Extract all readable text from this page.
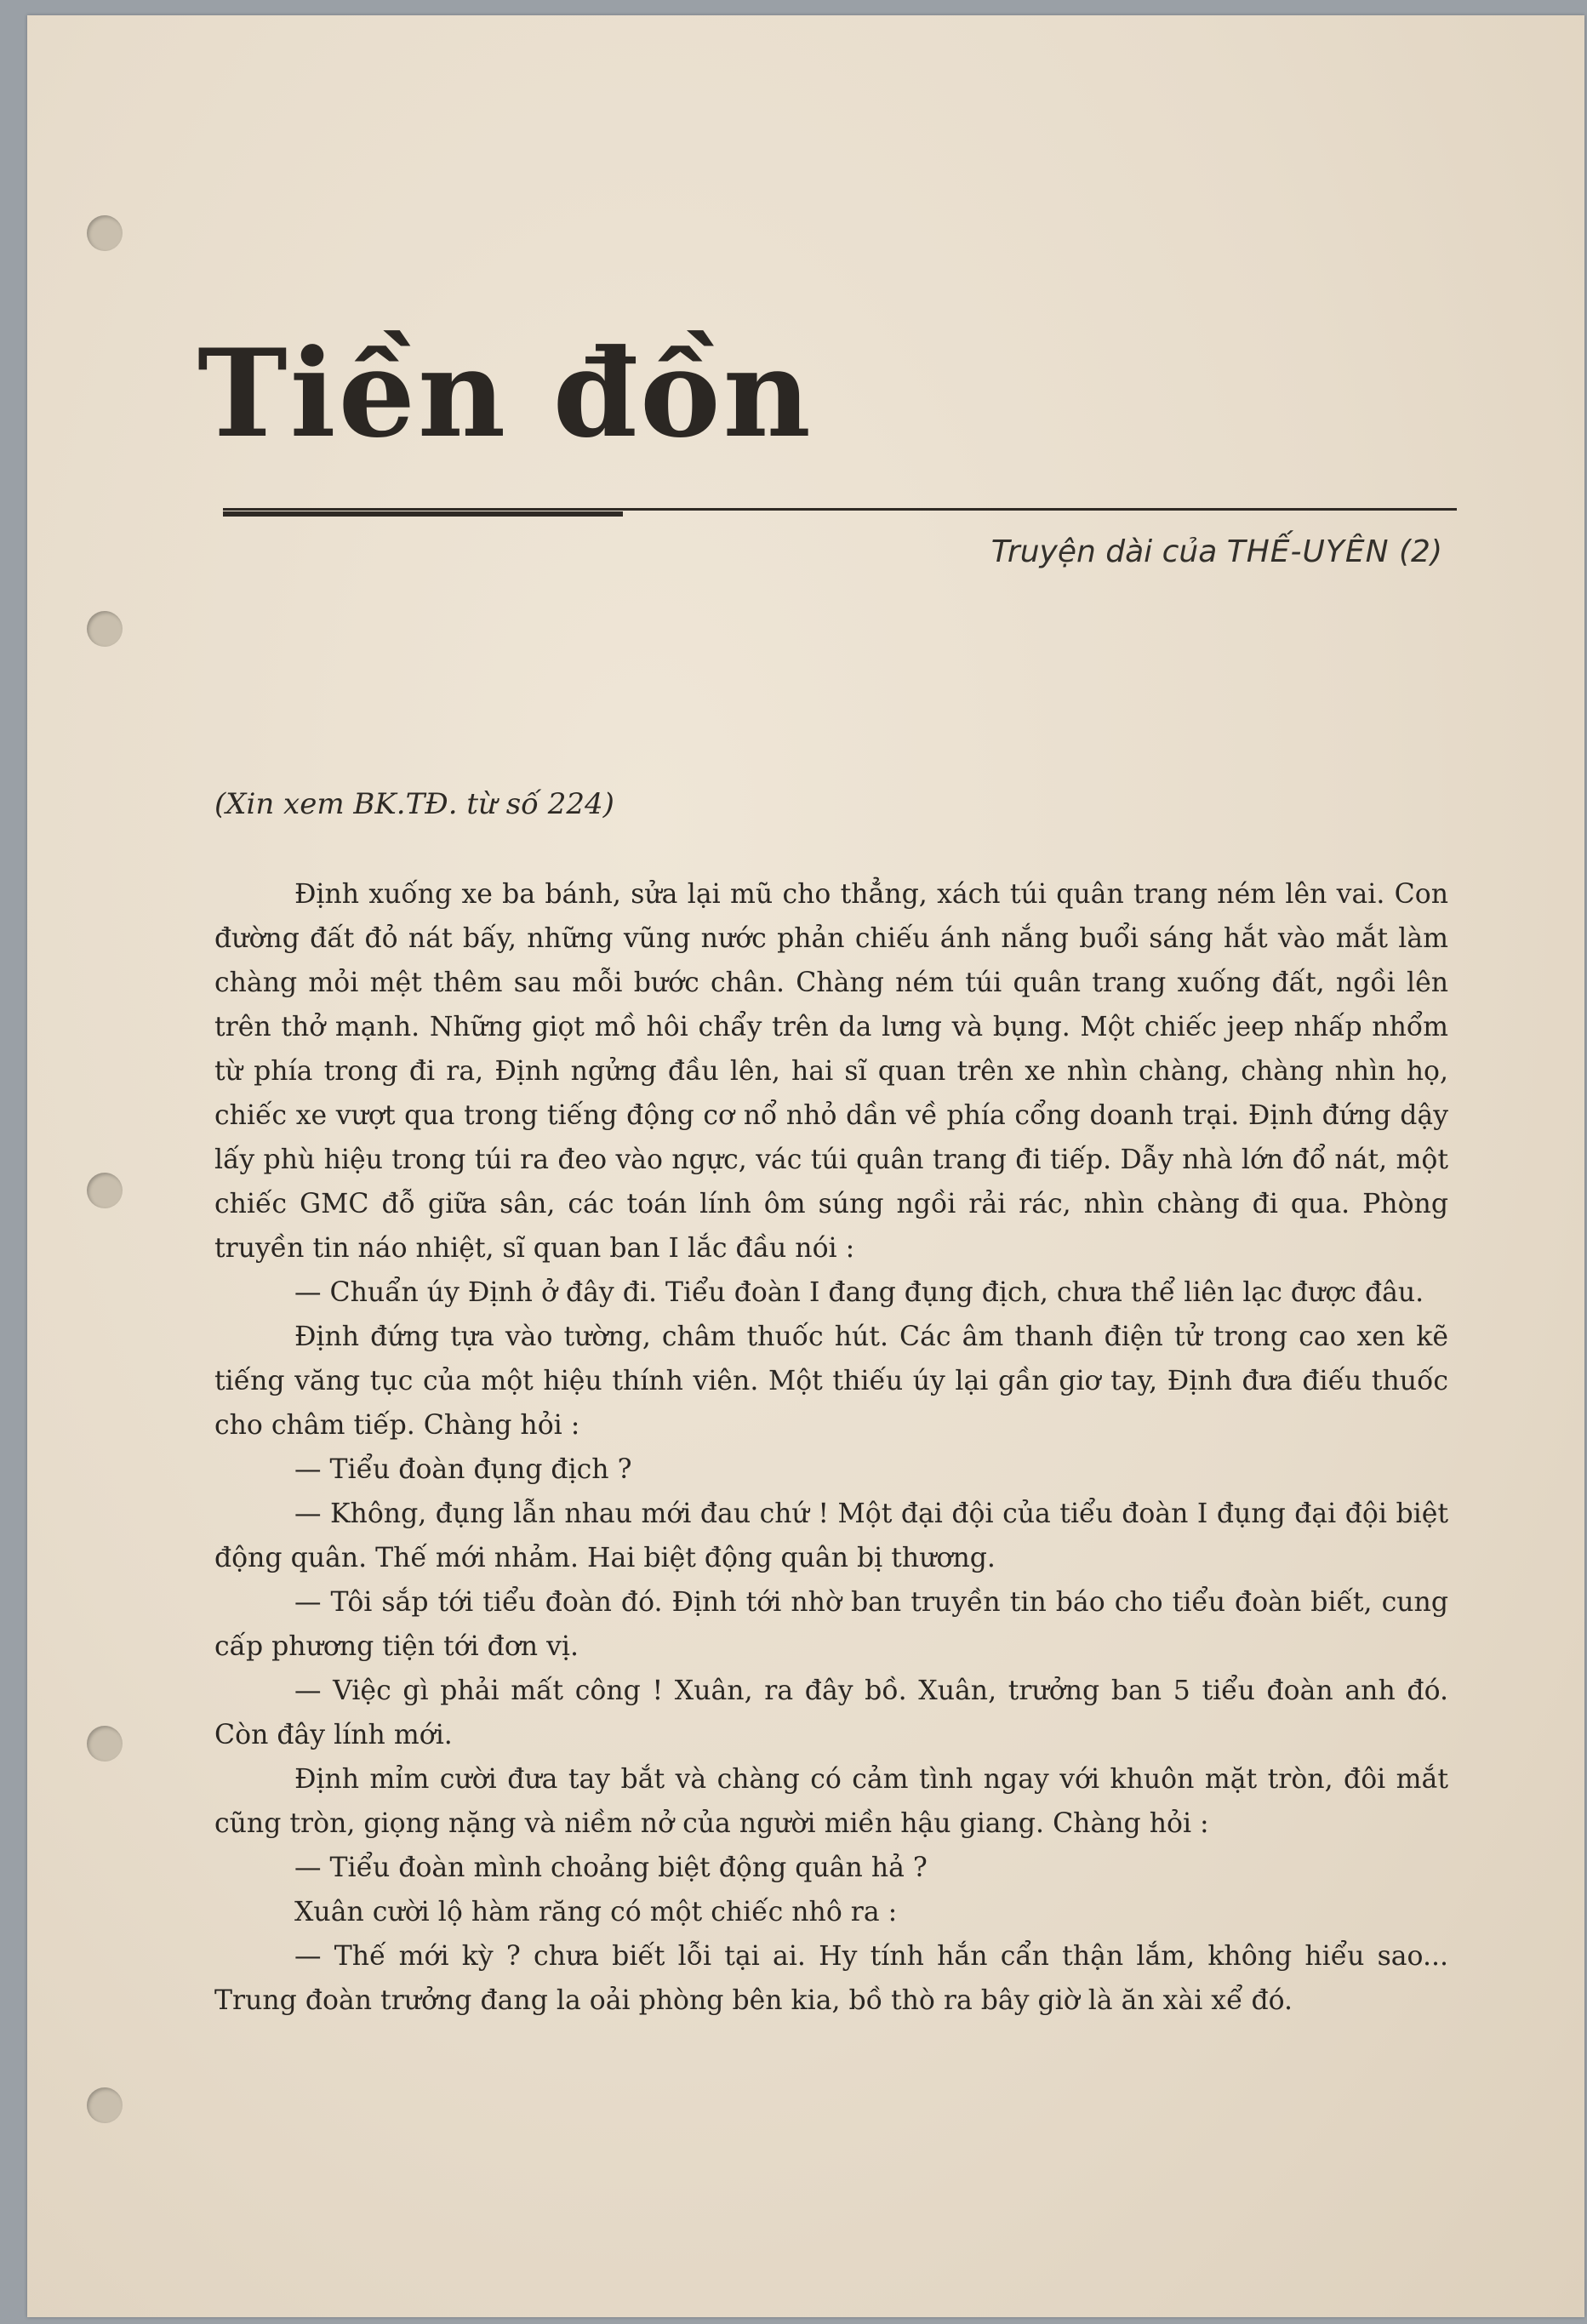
Tiền đồn
Truyện dài của THẾ-UYÊN (2)
(Xin xem BK.TĐ. từ số 224)

Định xuống xe ba bánh, sửa lại mũ cho thẳng, xách túi quân trang ném lên vai. Con đường đất đỏ nát bấy, những vũng nước phản chiếu ánh nắng buổi sáng hắt vào mắt làm chàng mỏi mệt thêm sau mỗi bước chân. Chàng ném túi quân trang xuống đất, ngồi lên trên thở mạnh. Những giọt mồ hôi chẩy trên da lưng và bụng. Một chiếc jeep nhấp nhổm từ phía trong đi ra, Định ngửng đầu lên, hai sĩ quan trên xe nhìn chàng, chàng nhìn họ, chiếc xe vượt qua trong tiếng động cơ nổ nhỏ dần về phía cổng doanh trại. Định đứng dậy lấy phù hiệu trong túi ra đeo vào ngực, vác túi quân trang đi tiếp. Dẫy nhà lớn đổ nát, một chiếc GMC đỗ giữa sân, các toán lính ôm súng ngồi rải rác, nhìn chàng đi qua. Phòng truyền tin náo nhiệt, sĩ quan ban I lắc đầu nói :

— Chuẩn úy Định ở đây đi. Tiểu đoàn I đang đụng địch, chưa thể liên lạc được đâu.

Định đứng tựa vào tường, châm thuốc hút. Các âm thanh điện tử trong cao xen kẽ tiếng văng tục của một hiệu thính viên. Một thiếu úy lại gần giơ tay, Định đưa điếu thuốc cho châm tiếp. Chàng hỏi :

— Tiểu đoàn đụng địch ?

— Không, đụng lẫn nhau mới đau chứ ! Một đại đội của tiểu đoàn I đụng đại đội biệt động quân. Thế mới nhảm. Hai biệt động quân bị thương.

— Tôi sắp tới tiểu đoàn đó. Định tới nhờ ban truyền tin báo cho tiểu đoàn biết, cung cấp phương tiện tới đơn vị.

— Việc gì phải mất công ! Xuân, ra đây bồ. Xuân, trưởng ban 5 tiểu đoàn anh đó. Còn đây lính mới.

Định mỉm cười đưa tay bắt và chàng có cảm tình ngay với khuôn mặt tròn, đôi mắt cũng tròn, giọng nặng và niềm nở của người miền hậu giang. Chàng hỏi :

— Tiểu đoàn mình choảng biệt động quân hả ?

Xuân cười lộ hàm răng có một chiếc nhô ra :

— Thế mới kỳ ? chưa biết lỗi tại ai. Hy tính hắn cẩn thận lắm, không hiểu sao... Trung đoàn trưởng đang la oải phòng bên kia, bồ thò ra bây giờ là ăn xài xể đó.
